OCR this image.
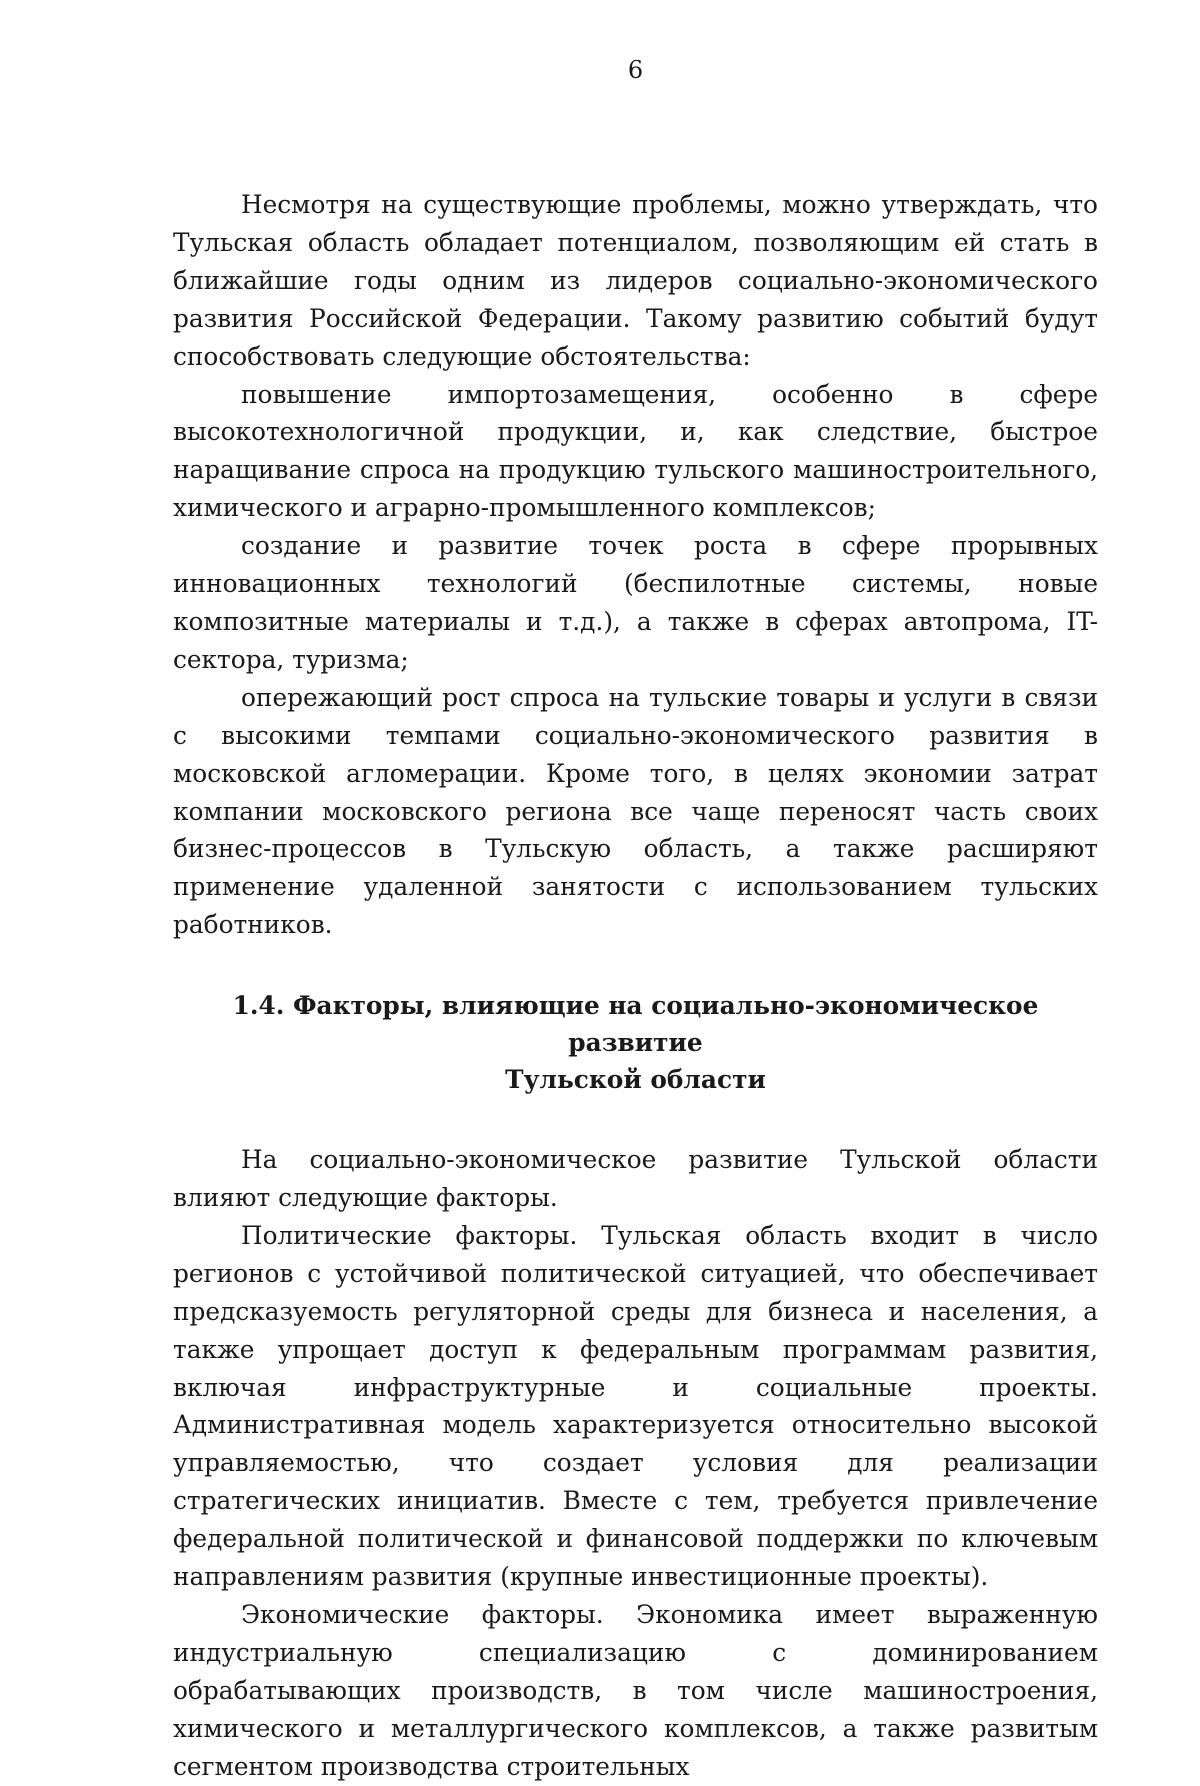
6

Несмотря на существующие проблемы, можно утверждать, что Тульская область обладает потенциалом, позволяющим ей стать в ближайшие годы одним из лидеров социально-экономического развития Российской Федерации. Такому развитию событий будут способствовать следующие обстоятельства:

повышение импортозамещения, особенно в сфере высокотехнологичной продукции, и, как следствие, быстрое наращивание спроса на продукцию тульского машиностроительного, химического и аграрно-промышленного комплексов;

создание и развитие точек роста в сфере прорывных инновационных технологий (беспилотные системы, новые композитные материалы и т.д.), а также в сферах автопрома, IT-сектора, туризма;

опережающий рост спроса на тульские товары и услуги в связи с высокими темпами социально-экономического развития в московской агломерации. Кроме того, в целях экономии затрат компании московского региона все чаще переносят часть своих бизнес-процессов в Тульскую область, а также расширяют применение удаленной занятости с использованием тульских работников.

1.4. Факторы, влияющие на социально-экономическое развитие
Тульской области

На социально-экономическое развитие Тульской области влияют следующие факторы.

Политические факторы. Тульская область входит в число регионов с устойчивой политической ситуацией, что обеспечивает предсказуемость регуляторной среды для бизнеса и населения, а также упрощает доступ к федеральным программам развития, включая инфраструктурные и социальные проекты. Административная модель характеризуется относительно высокой управляемостью, что создает условия для реализации стратегических инициатив. Вместе с тем, требуется привлечение федеральной политической и финансовой поддержки по ключевым направлениям развития (крупные инвестиционные проекты).

Экономические факторы. Экономика имеет выраженную индустриальную специализацию с доминированием обрабатывающих производств, в том числе машиностроения, химического и металлургического комплексов, а также развитым сегментом производства строительных
